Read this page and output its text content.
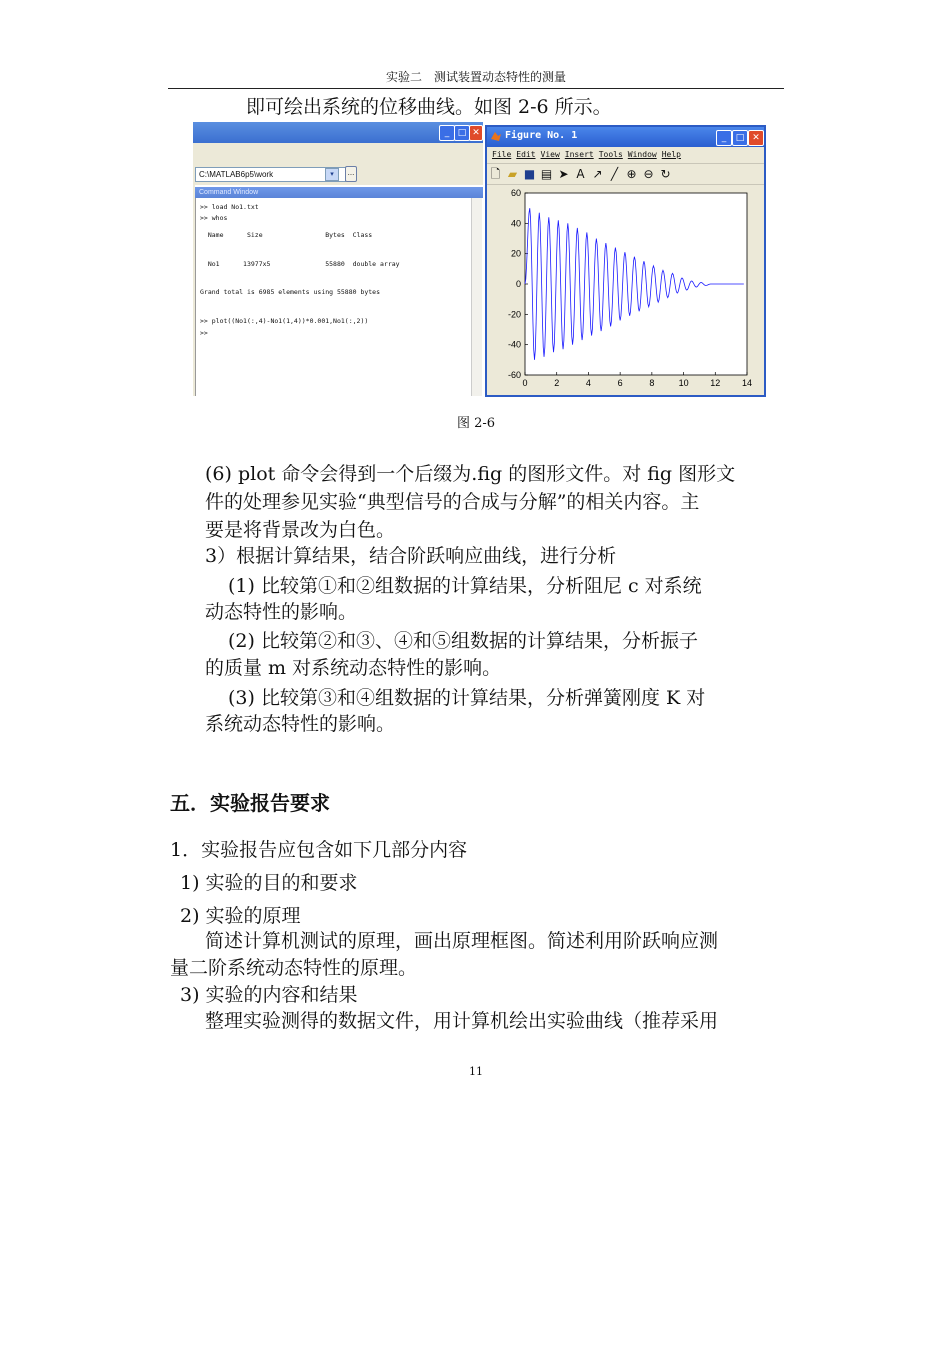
实验二　测试装置动态特性的测量
即可绘出系统的位移曲线。如图 2-6 所示。
_ □ ✕
C:\MATLAB6p5\work	▾	...
Command Window
>> load No1.txt
>> whos
Name      Size                Bytes  Class
No1      13977x5              55880  double array
Grand total is 6985 elements using 55880 bytes
>> plot((No1(:,4)-No1(1,4))*0.001,No1(:,2))
>>
Figure No. 1	_	□ ✕
File Edit View Insert Tools Window Help
🗋 ▰ ■ ▤ ➤ A ↗ ╱ ⊕ ⊖ ↻
0	2	4	6	8	10 12 14
60
40
20
0
-20
-40
-60
图 2-6
(6) plot 命令会得到一个后缀为.fig 的图形文件。对 fig 图形文
件的处理参见实验“典型信号的合成与分解”的相关内容。主
要是将背景改为白色。
3）根据计算结果，结合阶跃响应曲线，进行分析
(1) 比较第①和②组数据的计算结果，分析阻尼 c 对系统
动态特性的影响。
(2) 比较第②和③、④和⑤组数据的计算结果，分析振子
的质量 m 对系统动态特性的影响。
(3) 比较第③和④组数据的计算结果，分析弹簧刚度 K 对
系统动态特性的影响。
五．实验报告要求
1．实验报告应包含如下几部分内容
1) 实验的目的和要求
2) 实验的原理
简述计算机测试的原理，画出原理框图。简述利用阶跃响应测
量二阶系统动态特性的原理。
3) 实验的内容和结果
整理实验测得的数据文件，用计算机绘出实验曲线（推荐采用
11
